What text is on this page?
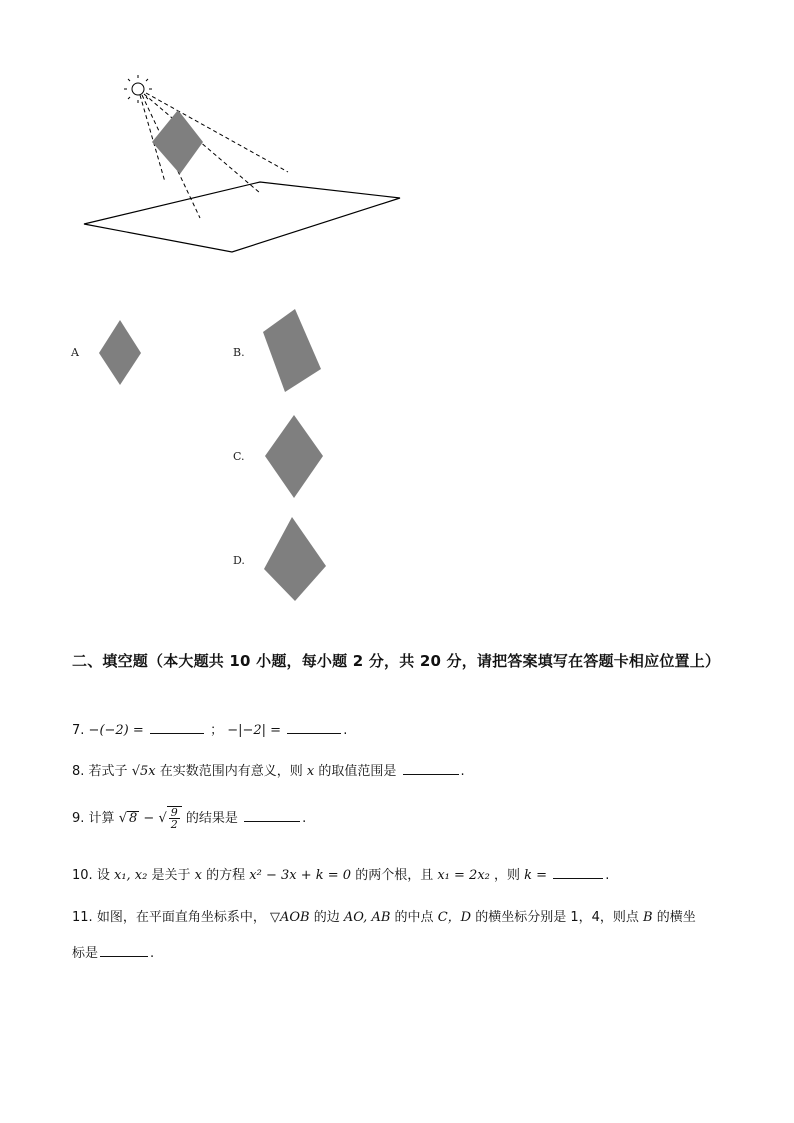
A	B.
C.
D.
二、填空题（本大题共 10 小题，每小题 2 分，共 20 分，请把答案填写在答题卡相应位置上）
7. −(−2) =	； −|−2| =	.
8. 若式子 √5x 在实数范围内有意义，则 x 的取值范围是	.
9. 计算 √ 8 − √ $\frac{9}{2}$ 的结果是	.
10. 设 x₁, x₂ 是关于 x 的方程 x² − 3x + k = 0 的两个根，且 x₁ = 2x₂ ，则 k =	.
11. 如图，在平面直角坐标系中， ▽AOB 的边 AO, AB 的中点 C，D 的横坐标分别是 1，4，则点 B 的横坐
标是	.
